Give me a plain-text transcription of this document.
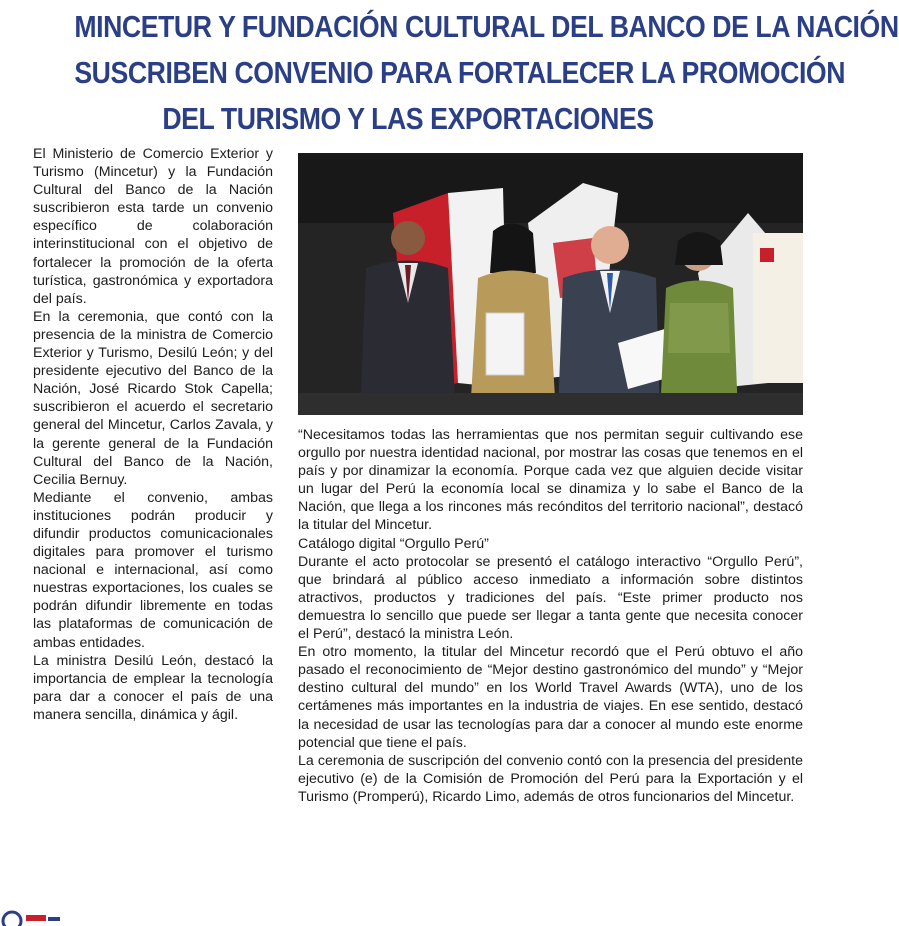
MINCETUR Y FUNDACIÓN CULTURAL DEL BANCO DE LA NACIÓN
SUSCRIBEN CONVENIO PARA FORTALECER LA PROMOCIÓN
DEL TURISMO Y LAS EXPORTACIONES

El Ministerio de Comercio Exterior y Turismo (Mincetur) y la Fundación Cultural del Banco de la Nación suscribieron esta tarde un convenio específico de colaboración interinstitucional con el objetivo de fortalecer la promoción de la oferta turística, gastronómica y exportadora del país.

En la ceremonia, que contó con la presencia de la ministra de Comercio Exterior y Turismo, Desilú León; y del presidente ejecutivo del Banco de la Nación, José Ricardo Stok Capella; suscribieron el acuerdo el secretario general del Mincetur, Carlos Zavala, y la gerente general de la Fundación Cultural del Banco de la Nación, Cecilia Bernuy.

Mediante el convenio, ambas instituciones podrán producir y difundir productos comunicacionales digitales para promover el turismo nacional e internacional, así como nuestras exportaciones, los cuales se podrán difundir libremente en todas las plataformas de comunicación de ambas entidades.

La ministra Desilú León, destacó la importancia de emplear la tecnología para dar a conocer el país de una manera sencilla, dinámica y ágil.

“Necesitamos todas las herramientas que nos permitan seguir cultivando ese orgullo por nuestra identidad nacional, por mostrar las cosas que tenemos en el país y por dinamizar la economía. Porque cada vez que alguien decide visitar un lugar del Perú la economía local se dinamiza y lo sabe el Banco de la Nación, que llega a los rincones más recónditos del territorio nacional”, destacó la titular del Mincetur.

Catálogo digital “Orgullo Perú”

Durante el acto protocolar se presentó el catálogo interactivo “Orgullo Perú”, que brindará al público acceso inmediato a información sobre distintos atractivos, productos y tradiciones del país. “Este primer producto nos demuestra lo sencillo que puede ser llegar a tanta gente que necesita conocer el Perú”, destacó la ministra León.

En otro momento, la titular del Mincetur recordó que el Perú obtuvo el año pasado el reconocimiento de “Mejor destino gastronómico del mundo” y “Mejor destino cultural del mundo” en los World Travel Awards (WTA), uno de los certámenes más importantes en la industria de viajes. En ese sentido, destacó la necesidad de usar las tecnologías para dar a conocer al mundo este enorme potencial que tiene el país.

La ceremonia de suscripción del convenio contó con la presencia del presidente ejecutivo (e) de la Comisión de Promoción del Perú para la Exportación y el Turismo (Promperú), Ricardo Limo, además de otros funcionarios del Mincetur.
